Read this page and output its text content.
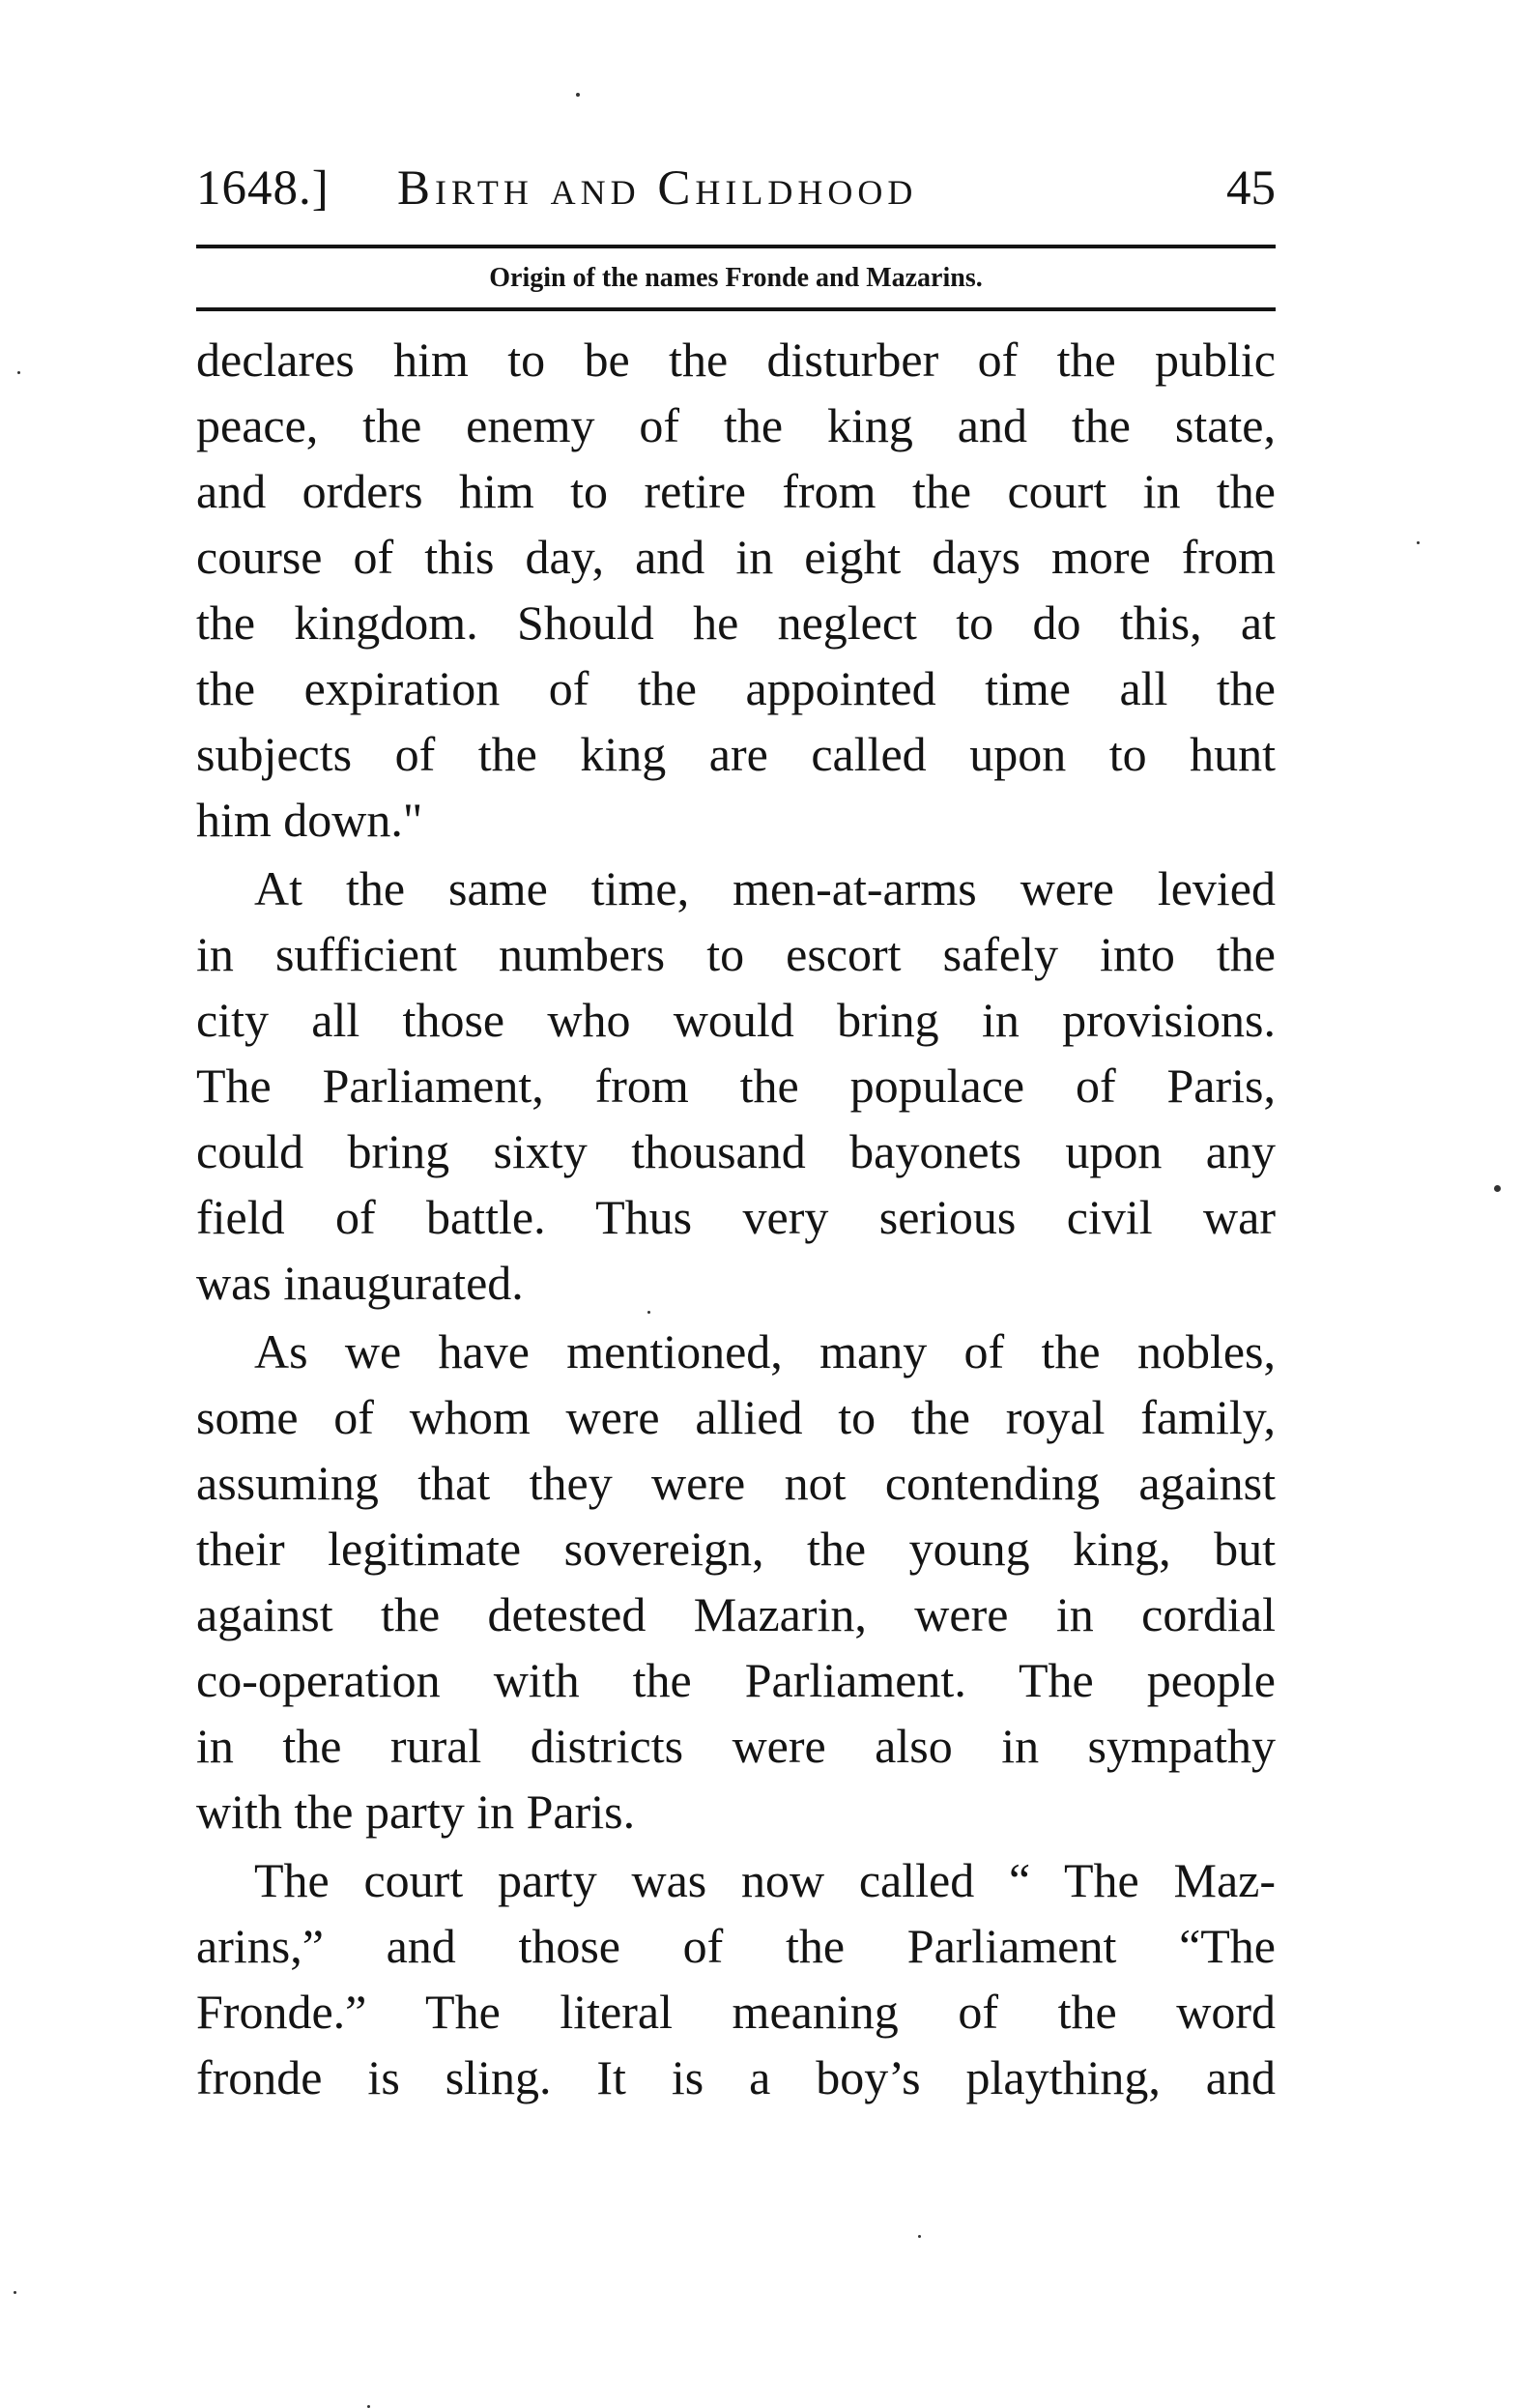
1648.] Birth and Childhood	45
Origin of the names Fronde and Mazarins.
declares him to be the disturber of the public
peace, the enemy of the king and the state,
and orders him to retire from the court in the
course of this day, and in eight days more from
the kingdom. Should he neglect to do this, at
the expiration of the appointed time all the
subjects of the king are called upon to hunt
him down."
At the same time, men-at-arms were levied
in sufficient numbers to escort safely into the
city all those who would bring in provisions.
The Parliament, from the populace of Paris,
could bring sixty thousand bayonets upon any
field of battle. Thus very serious civil war
was inaugurated.
As we have mentioned, many of the nobles,
some of whom were allied to the royal family,
assuming that they were not contending against
their legitimate sovereign, the young king, but
against the detested Mazarin, were in cordial
co-operation with the Parliament. The people
in the rural districts were also in sympathy
with the party in Paris.
The court party was now called “ The Maz-
arins,” and those of the Parliament “The
Fronde.” The literal meaning of the word
fronde is sling. It is a boy’s plaything, and
